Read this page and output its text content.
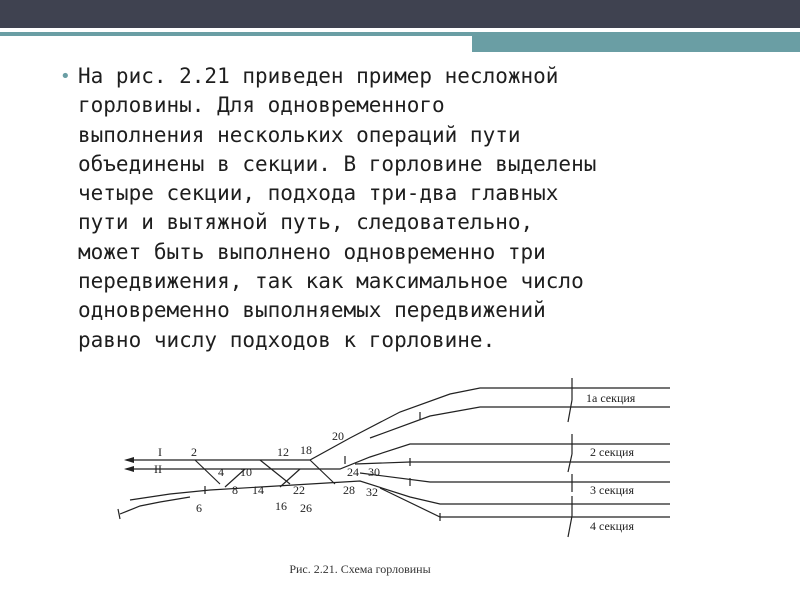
• На рис. 2.21 приведен пример несложной
горловины. Для одновременного
выполнения нескольких операций пути
объединены в секции. В горловине выделены
четыре секции, подхода три-два главных
пути и вытяжной путь, следовательно,
может быть выполнено одновременно три
передвижения, так как максимальное число
одновременно выполняемых передвижений
равно числу подходов к горловине.

I
II
2
4
6
8
10
12
14
16
18
20
22
24
26
28
30
32
1а секция
2 секция
3 секция
4 секция
Рис. 2.21. Схема горловины
